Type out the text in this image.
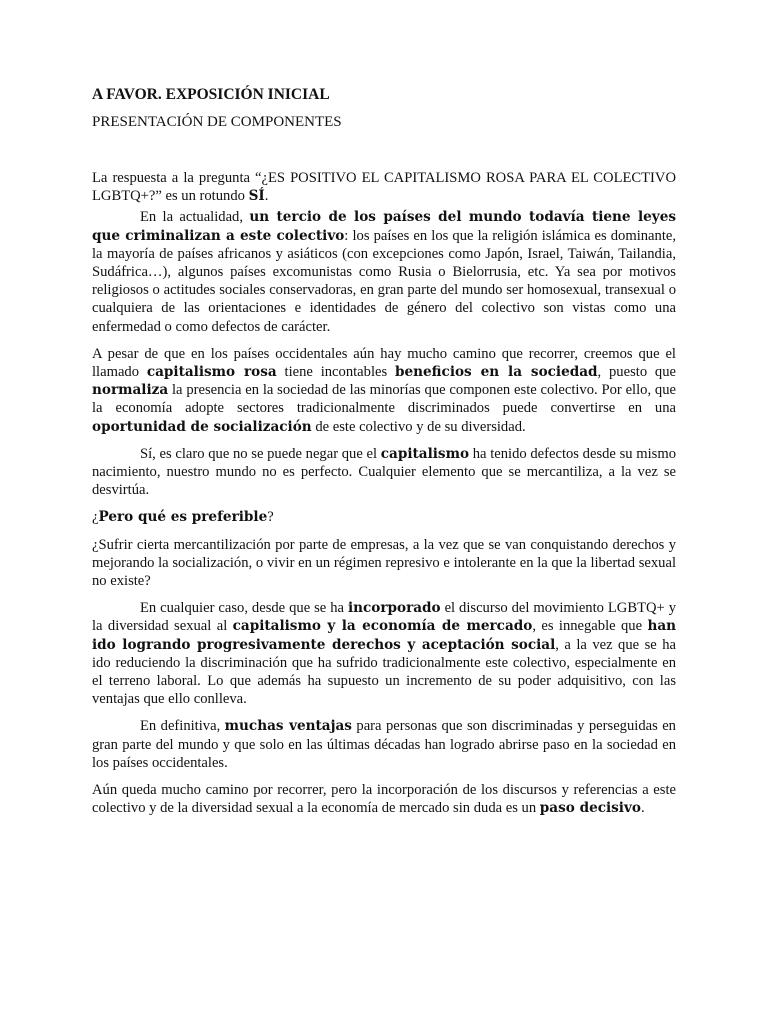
A FAVOR. EXPOSICIÓN INICIAL
PRESENTACIÓN DE COMPONENTES

La respuesta a la pregunta “¿ES POSITIVO EL CAPITALISMO ROSA PARA EL COLECTIVO LGBTQ+?” es un rotundo SÍ.

En la actualidad, un tercio de los países del mundo todavía tiene leyes que criminalizan a este colectivo: los países en los que la religión islámica es dominante, la mayoría de países africanos y asiáticos (con excepciones como Japón, Israel, Taiwán, Tailandia, Sudáfrica…), algunos países excomunistas como Rusia o Bielorrusia, etc. Ya sea por motivos religiosos o actitudes sociales conservadoras, en gran parte del mundo ser homosexual, transexual o cualquiera de las orientaciones e identidades de género del colectivo son vistas como una enfermedad o como defectos de carácter.

A pesar de que en los países occidentales aún hay mucho camino que recorrer, creemos que el llamado capitalismo rosa tiene incontables beneficios en la sociedad, puesto que normaliza la presencia en la sociedad de las minorías que componen este colectivo. Por ello, que la economía adopte sectores tradicionalmente discriminados puede convertirse en una oportunidad de socialización de este colectivo y de su diversidad.

Sí, es claro que no se puede negar que el capitalismo ha tenido defectos desde su mismo nacimiento, nuestro mundo no es perfecto. Cualquier elemento que se mercantiliza, a la vez se desvirtúa.

¿Pero qué es preferible?

¿Sufrir cierta mercantilización por parte de empresas, a la vez que se van conquistando derechos y mejorando la socialización, o vivir en un régimen represivo e intolerante en la que la libertad sexual no existe?

En cualquier caso, desde que se ha incorporado el discurso del movimiento LGBTQ+ y la diversidad sexual al capitalismo y la economía de mercado, es innegable que han ido logrando progresivamente derechos y aceptación social, a la vez que se ha ido reduciendo la discriminación que ha sufrido tradicionalmente este colectivo, especialmente en el terreno laboral. Lo que además ha supuesto un incremento de su poder adquisitivo, con las ventajas que ello conlleva.

En definitiva, muchas ventajas para personas que son discriminadas y perseguidas en gran parte del mundo y que solo en las últimas décadas han logrado abrirse paso en la sociedad en los países occidentales.

Aún queda mucho camino por recorrer, pero la incorporación de los discursos y referencias a este colectivo y de la diversidad sexual a la economía de mercado sin duda es un paso decisivo.
